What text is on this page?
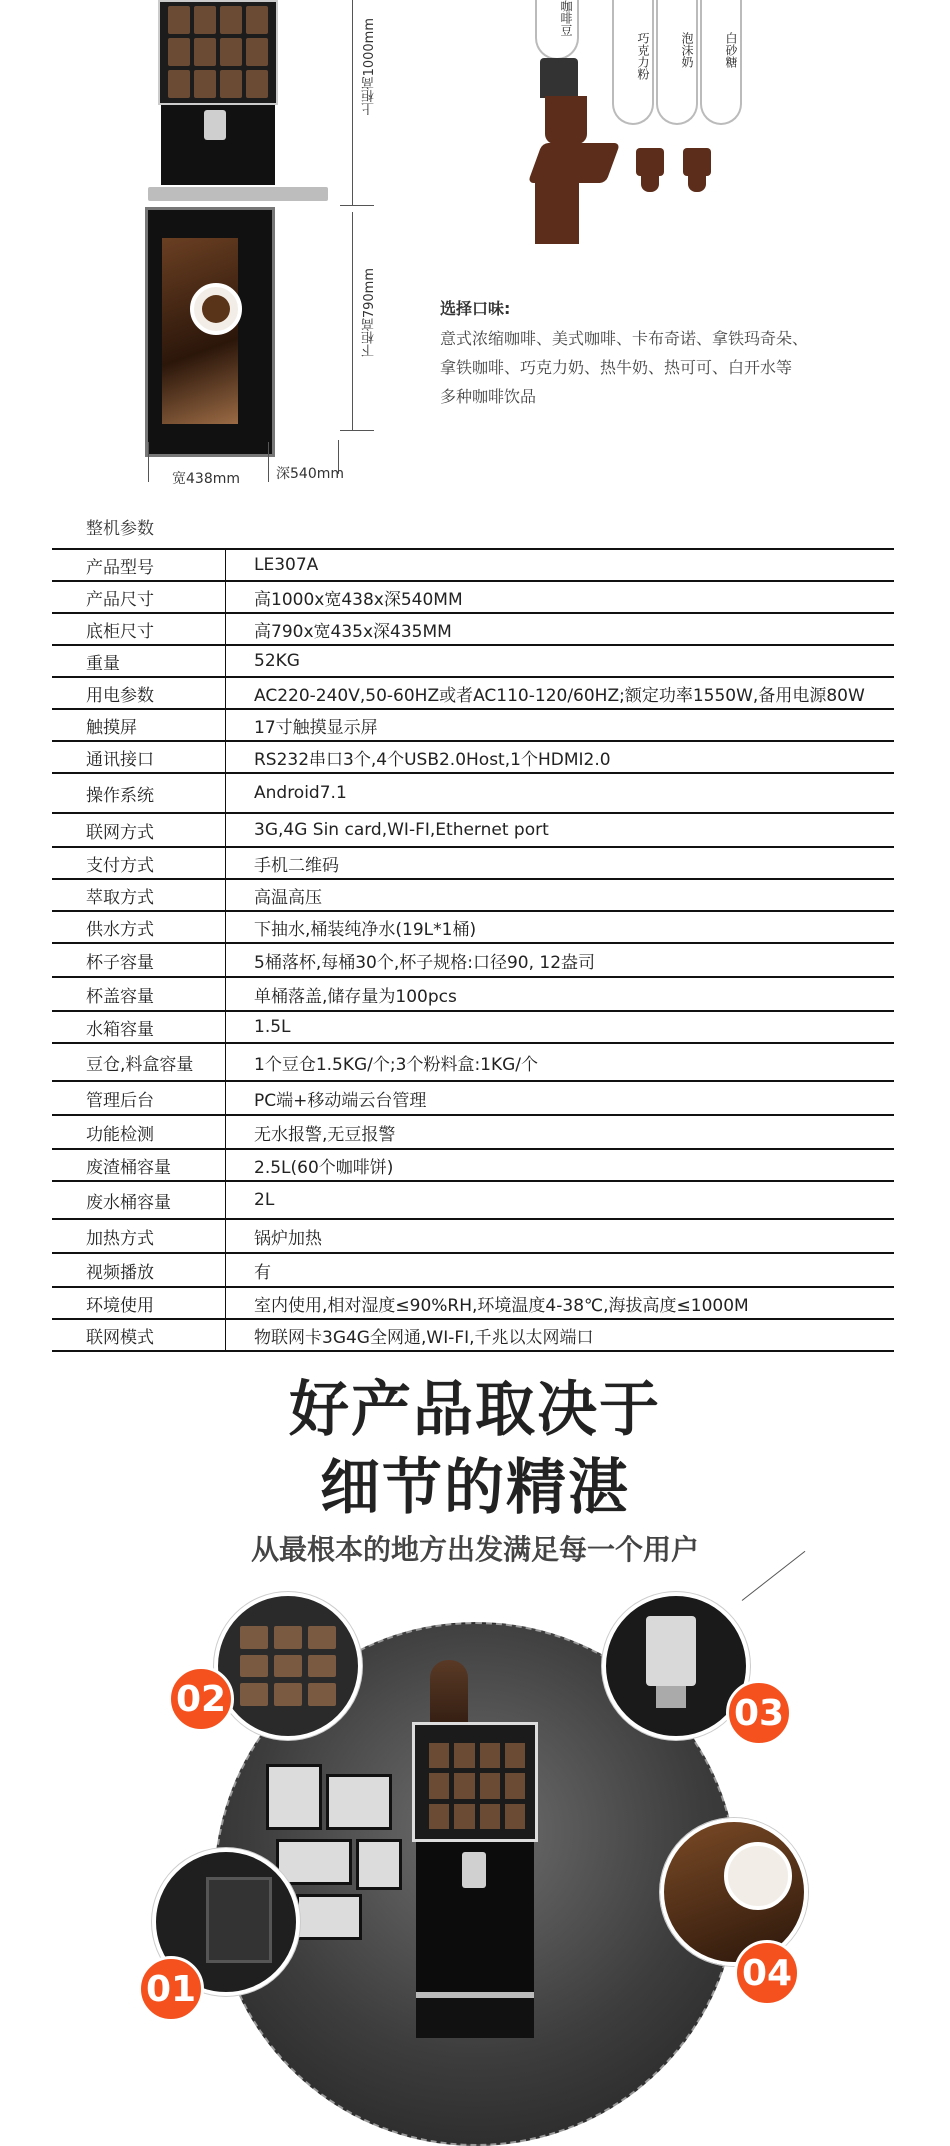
上柜高1000mm
下柜高790mm
宽438mm	深540mm
咖啡豆
巧克力粉	泡沫奶	白砂糖
选择口味:
意式浓缩咖啡、美式咖啡、卡布奇诺、拿铁玛奇朵、
拿铁咖啡、巧克力奶、热牛奶、热可可、白开水等
多种咖啡饮品
整机参数
产品型号	LE307A
产品尺寸	高1000x宽438x深540MM
底柜尺寸	高790x宽435x深435MM
重量	52KG
用电参数	AC220-240V,50-60HZ或者AC110-120/60HZ;额定功率1550W,备用电源80W
触摸屏	17寸触摸显示屏
通讯接口	RS232串口3个,4个USB2.0Host,1个HDMI2.0
操作系统	Android7.1
联网方式	3G,4G Sin card,WI-FI,Ethernet port
支付方式	手机二维码
萃取方式	高温高压
供水方式	下抽水,桶装纯净水(19L*1桶)
杯子容量	5桶落杯,每桶30个,杯子规格:口径90, 12盎司
杯盖容量	单桶落盖,储存量为100pcs
水箱容量	1.5L
豆仓,料盒容量	1个豆仓1.5KG/个;3个粉料盒:1KG/个
管理后台	PC端+移动端云台管理
功能检测	无水报警,无豆报警
废渣桶容量	2.5L(60个咖啡饼)
废水桶容量	2L
加热方式	锅炉加热
视频播放	有
环境使用	室内使用,相对湿度≤90%RH,环境温度4-38℃,海拔高度≤1000M
联网模式	物联网卡3G4G全网通,WI-FI,千兆以太网端口
好产品取决于
细节的精湛
从最根本的地方出发满足每一个用户
02	03
01	04
